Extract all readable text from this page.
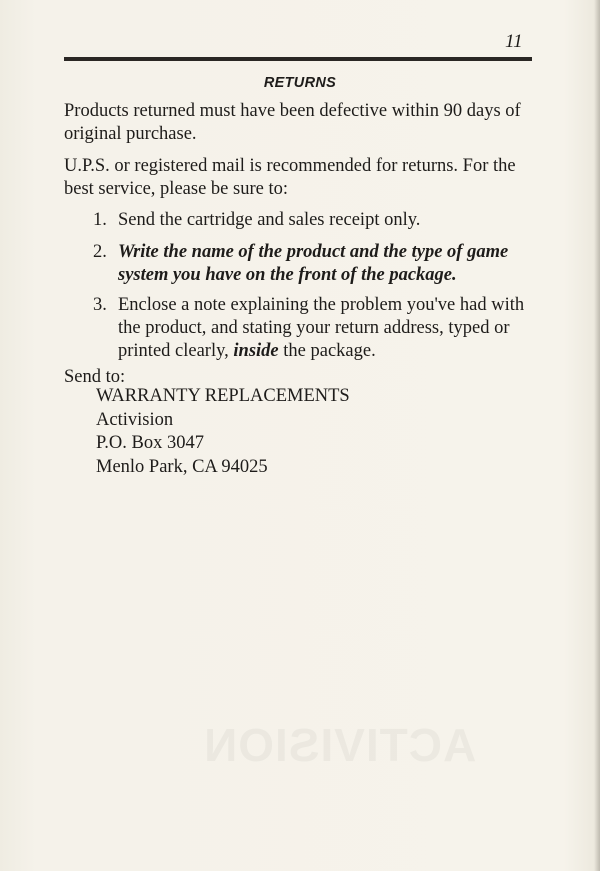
11
RETURNS

Products returned must have been defective within 90 days of original purchase.

U.P.S. or registered mail is recommended for returns. For the best service, please be sure to:

1. Send the cartridge and sales receipt only.
2. Write the name of the product and the type of game system you have on the front of the package.
3. Enclose a note explaining the problem you've had with the product, and stating your return address, typed or printed clearly, inside the package.
Send to:
WARRANTY REPLACEMENTS
Activision
P.O. Box 3047
Menlo Park, CA 94025
ACTIVISION
